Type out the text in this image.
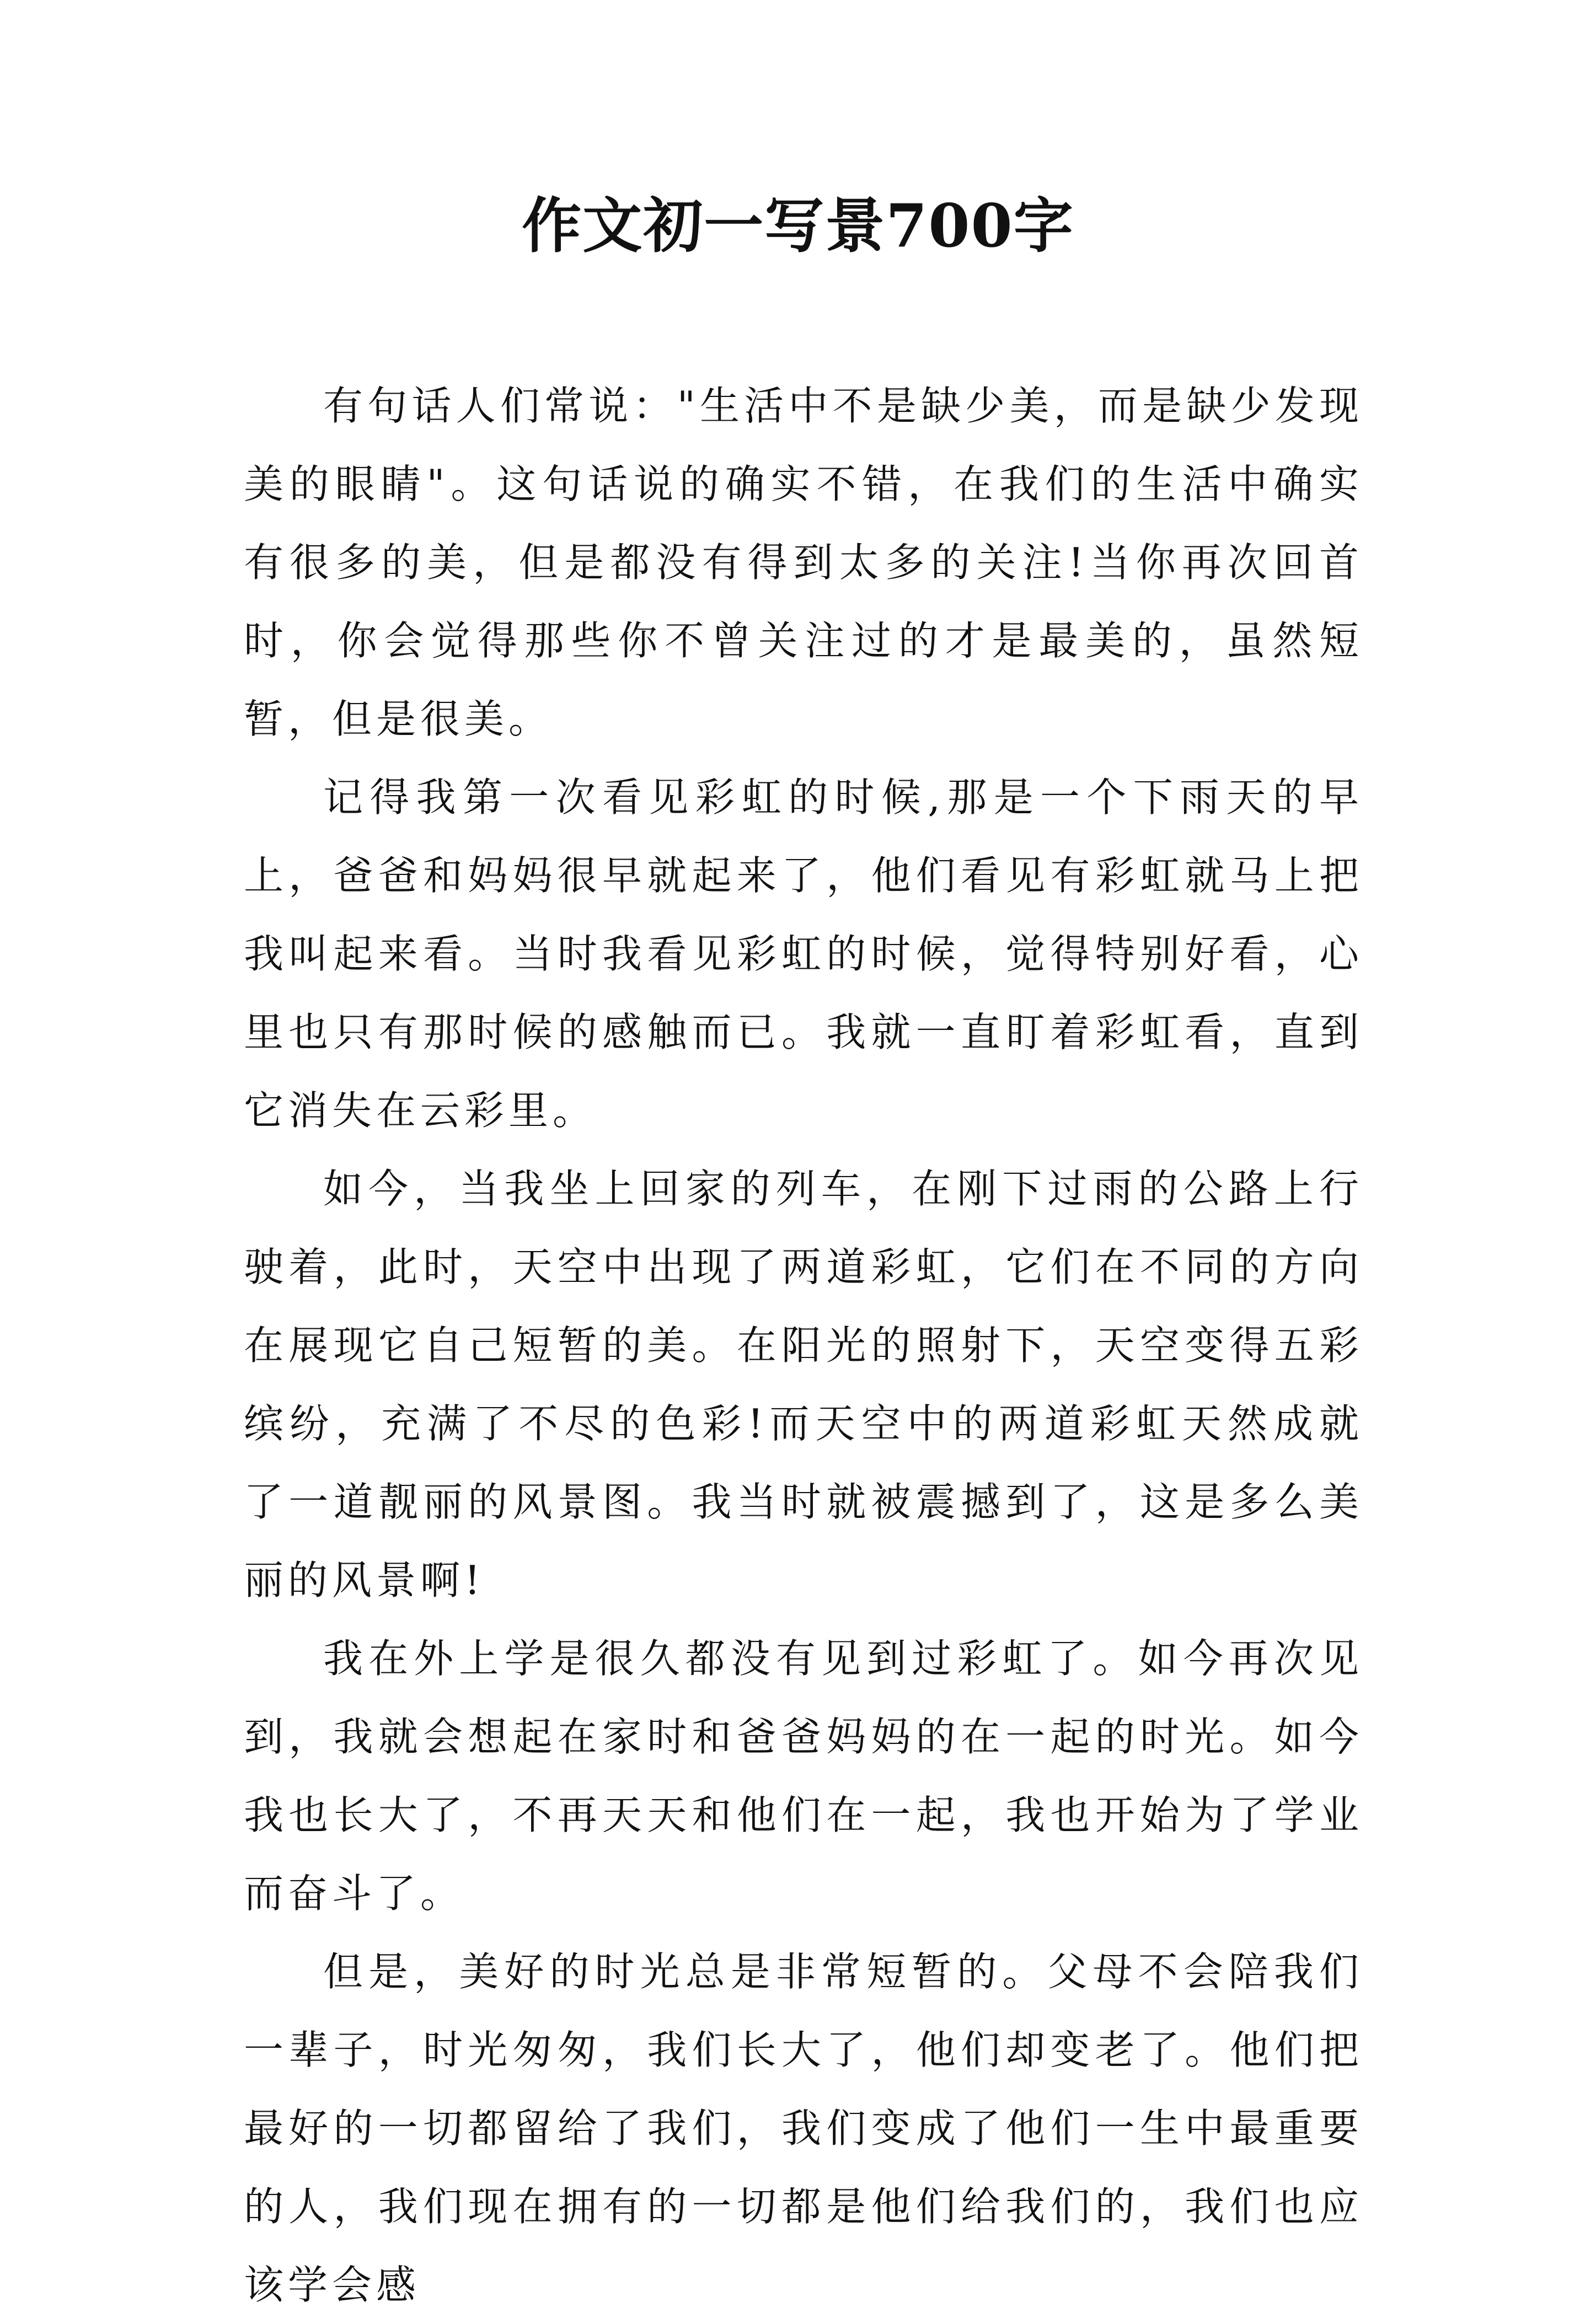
作文初一写景700字

有句话人们常说："生活中不是缺少美，而是缺少发现美的眼睛"。这句话说的确实不错，在我们的生活中确实有很多的美，但是都没有得到太多的关注!当你再次回首时，你会觉得那些你不曾关注过的才是最美的，虽然短暂，但是很美。

记得我第一次看见彩虹的时候,那是一个下雨天的早上，爸爸和妈妈很早就起来了，他们看见有彩虹就马上把我叫起来看。当时我看见彩虹的时候，觉得特别好看，心里也只有那时候的感触而已。我就一直盯着彩虹看，直到它消失在云彩里。

如今，当我坐上回家的列车，在刚下过雨的公路上行驶着，此时，天空中出现了两道彩虹，它们在不同的方向在展现它自己短暂的美。在阳光的照射下，天空变得五彩缤纷，充满了不尽的色彩!而天空中的两道彩虹天然成就了一道靓丽的风景图。我当时就被震撼到了，这是多么美丽的风景啊!

我在外上学是很久都没有见到过彩虹了。如今再次见到，我就会想起在家时和爸爸妈妈的在一起的时光。如今我也长大了，不再天天和他们在一起，我也开始为了学业而奋斗了。

但是，美好的时光总是非常短暂的。父母不会陪我们一辈子，时光匆匆，我们长大了，他们却变老了。他们把最好的一切都留给了我们，我们变成了他们一生中最重要的人，我们现在拥有的一切都是他们给我们的，我们也应该学会感
